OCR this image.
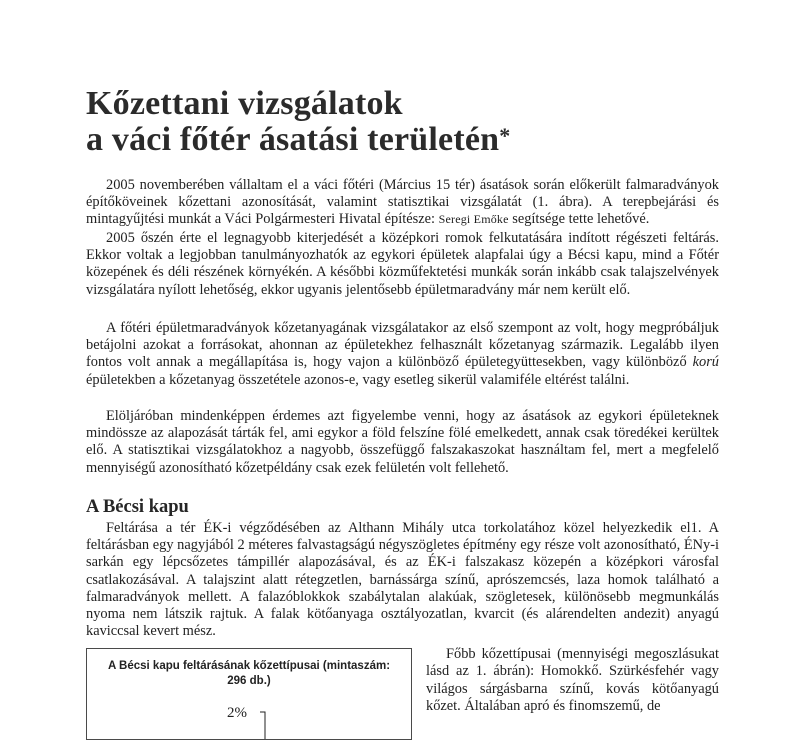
Kőzettani vizsgálatok
a váci főtér ásatási területén*

2005 novemberében vállaltam el a váci főtéri (Március 15 tér) ásatások során előkerült falmaradványok építőköveinek kőzettani azonosítását, valamint statisztikai vizsgálatát (1. ábra). A terepbejárási és mintagyűjtési munkát a Váci Polgármesteri Hivatal építésze: Seregi Emőke segítsége tette lehetővé.

2005 őszén érte el legnagyobb kiterjedését a középkori romok felkutatására indított régészeti feltárás. Ekkor voltak a legjobban tanulmányozhatók az egykori épületek alapfalai úgy a Bécsi kapu, mind a Főtér közepének és déli részének környékén. A későbbi közműfektetési munkák során inkább csak talajszelvények vizsgálatára nyílott lehetőség, ekkor ugyanis jelentősebb épületmaradvány már nem került elő.

A főtéri épületmaradványok kőzetanyagának vizsgálatakor az első szempont az volt, hogy megpróbáljuk betájolni azokat a forrásokat, ahonnan az épületekhez felhasznált kőzetanyag származik. Legalább ilyen fontos volt annak a megállapítása is, hogy vajon a különböző épületegyüttesekben, vagy különböző korú épületekben a kőzetanyag összetétele azonos-e, vagy esetleg sikerül valamiféle eltérést találni.

Elöljáróban mindenképpen érdemes azt figyelembe venni, hogy az ásatások az egykori épületeknek mindössze az alapozását tárták fel, ami egykor a föld felszíne fölé emelkedett, annak csak töredékei kerültek elő. A statisztikai vizsgálatokhoz a nagyobb, összefüggő falszakaszokat használtam fel, mert a megfelelő mennyiségű azonosítható kőzetpéldány csak ezek felületén volt fellehető.

A Bécsi kapu

Feltárása a tér ÉK-i végződésében az Althann Mihály utca torkolatához közel helyezkedik el1. A feltárásban egy nagyjából 2 méteres falvastagságú négyszögletes építmény egy része volt azonosítható, ÉNy-i sarkán egy lépcsőzetes támpillér alapozásával, és az ÉK-i falszakasz közepén a középkori városfal csatlakozásával. A talajszint alatt rétegzetlen, barnássárga színű, aprószemcsés, laza homok található a falmaradványok mellett. A falazóblokkok szabálytalan alakúak, szögletesek, különösebb megmunkálás nyoma nem látszik rajtuk. A falak kötőanyaga osztályozatlan, kvarcit (és alárendelten andezit) anyagú kaviccsal kevert mész.

A Bécsi kapu feltárásának kőzettípusai (mintaszám:
296 db.)
2%

Főbb kőzettípusai (mennyiségi megoszlásukat lásd az 1. ábrán): Homokkő. Szürkésfehér vagy világos sárgásbarna színű, kovás kötőanyagú kőzet. Általában apró és finomszemű, de
